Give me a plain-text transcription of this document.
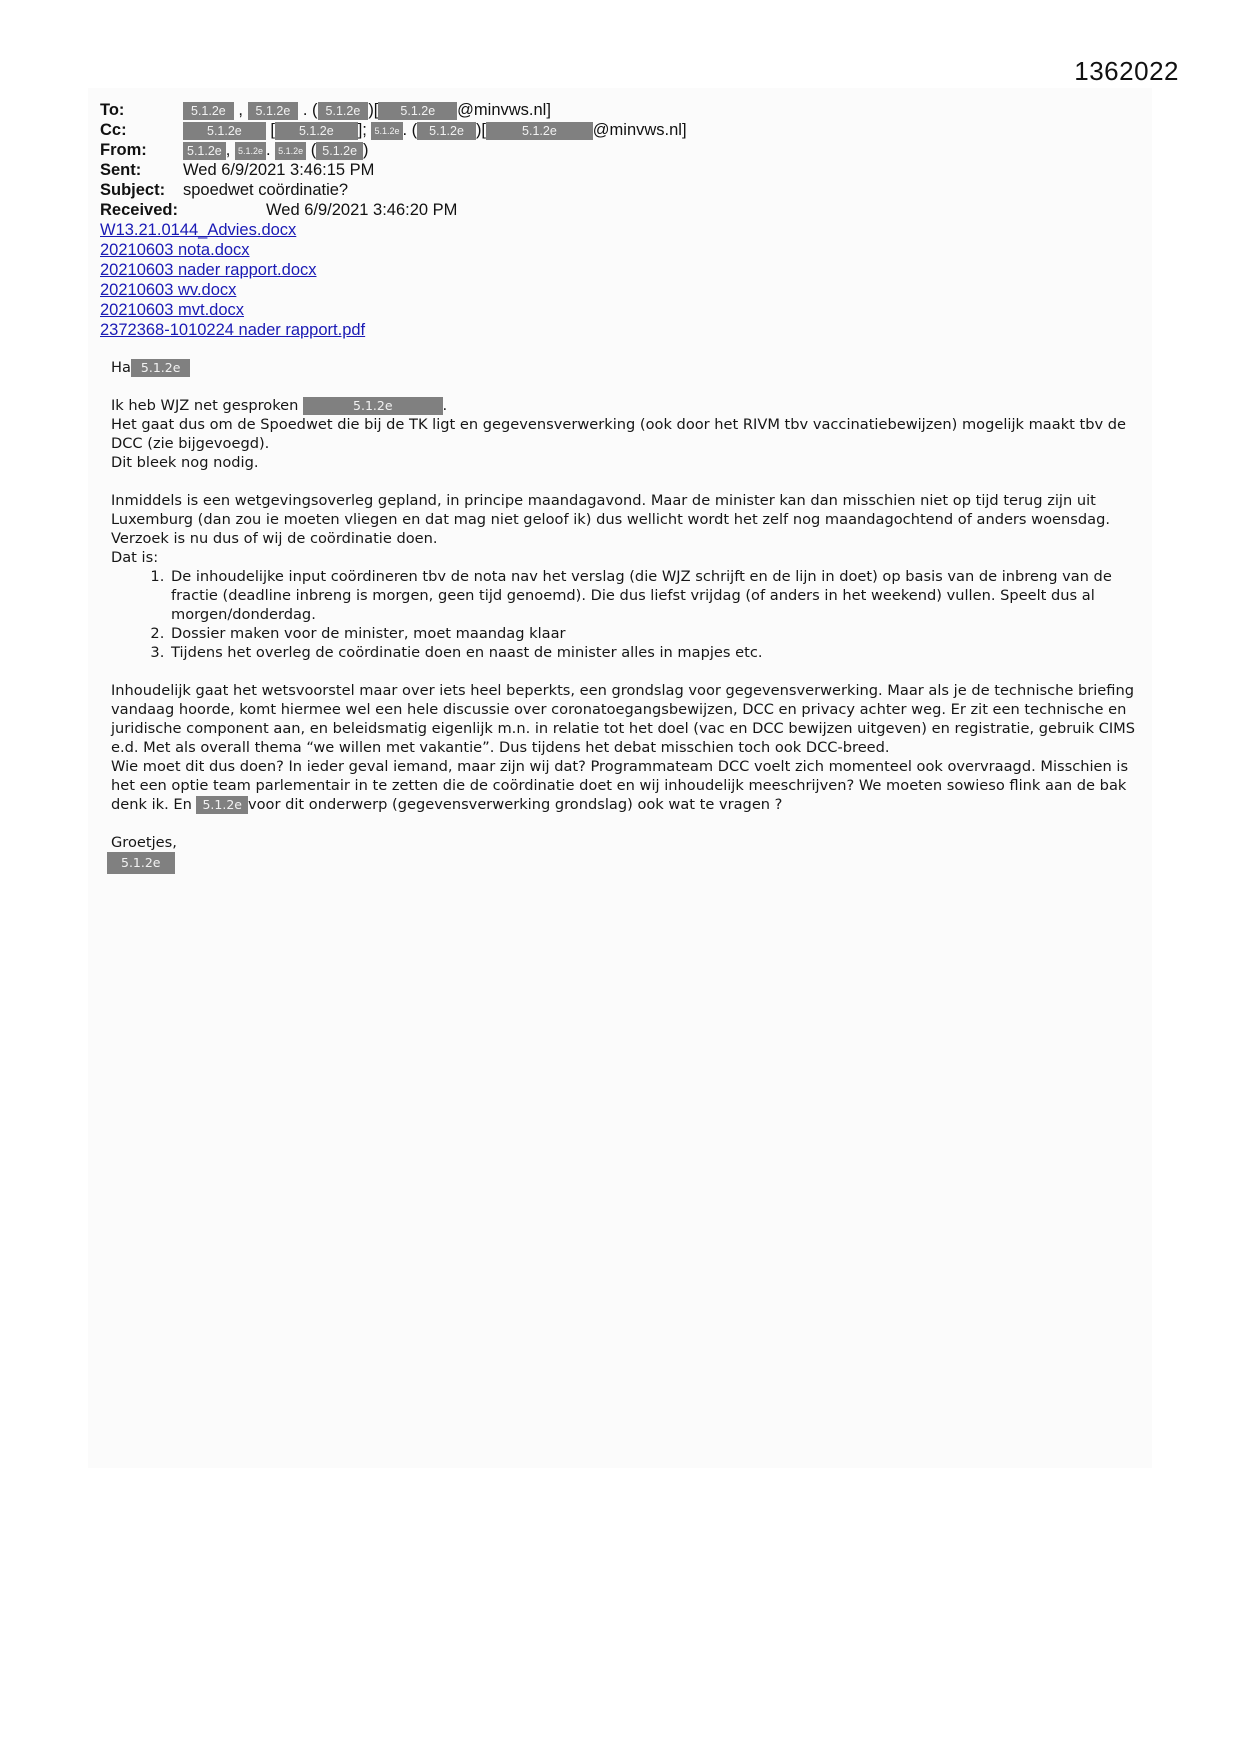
1362022
To:	5.1.2e , 5.1.2e . ( 5.1.2e )[ 5.1.2e @minvws.nl]
Cc:	5.1.2e [ 5.1.2e ]; 5.1.2e . ( 5.1.2e )[	5.1.2e @minvws.nl]
From:	5.1.2e , 5.1.2e . 5.1.2e ( 5.1.2e )
Sent:	Wed 6/9/2021 3:46:15 PM
Subject: spoedwet coördinatie?
Received:	Wed 6/9/2021 3:46:20 PM
W13.21.0144_Advies.docx
20210603 nota.docx
20210603 nader rapport.docx
20210603 wv.docx
20210603 mvt.docx
2372368-1010224 nader rapport.pdf

Ha 5.1.2e

Ik heb WJZ net gesproken	5.1.2e	.

Het gaat dus om de Spoedwet die bij de TK ligt en gegevensverwerking (ook door het RIVM tbv vaccinatiebewijzen) mogelijk maakt tbv de DCC (zie bijgevoegd).

Dit bleek nog nodig.

Inmiddels is een wetgevingsoverleg gepland, in principe maandagavond. Maar de minister kan dan misschien niet op tijd terug zijn uit Luxemburg (dan zou ie moeten vliegen en dat mag niet geloof ik) dus wellicht wordt het zelf nog maandagochtend of anders woensdag.

Verzoek is nu dus of wij de coördinatie doen.

Dat is:

1. De inhoudelijke input coördineren tbv de nota nav het verslag (die WJZ schrijft en de lijn in doet) op basis van de inbreng van de fractie (deadline inbreng is morgen, geen tijd genoemd). Die dus liefst vrijdag (of anders in het weekend) vullen. Speelt dus al morgen/donderdag.
2. Dossier maken voor de minister, moet maandag klaar
3. Tijdens het overleg de coördinatie doen en naast de minister alles in mapjes etc.

Inhoudelijk gaat het wetsvoorstel maar over iets heel beperkts, een grondslag voor gegevensverwerking. Maar als je de technische briefing vandaag hoorde, komt hiermee wel een hele discussie over coronatoegangsbewijzen, DCC en privacy achter weg. Er zit een technische en juridische component aan, en beleidsmatig eigenlijk m.n. in relatie tot het doel (vac en DCC bewijzen uitgeven) en registratie, gebruik CIMS e.d. Met als overall thema “we willen met vakantie”. Dus tijdens het debat misschien toch ook DCC-breed.

Wie moet dit dus doen? In ieder geval iemand, maar zijn wij dat? Programmateam DCC voelt zich momenteel ook overvraagd. Misschien is het een optie team parlementair in te zetten die de coördinatie doet en wij inhoudelijk meeschrijven? We moeten sowieso flink aan de bak denk ik. En 5.1.2e voor dit onderwerp (gegevensverwerking grondslag) ook wat te vragen ?

Groetjes,

5.1.2e
